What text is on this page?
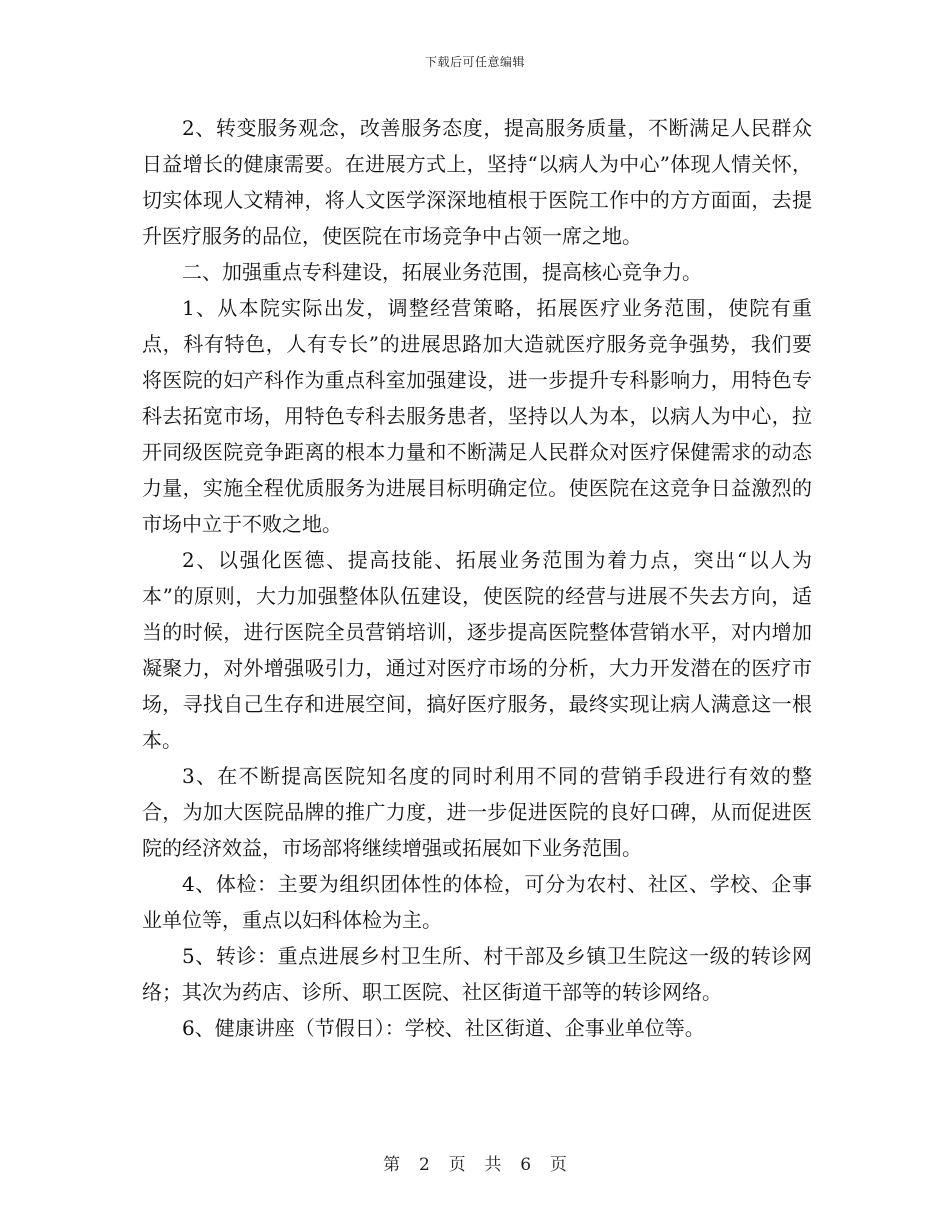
下载后可任意编辑

2、转变服务观念，改善服务态度，提高服务质量，不断满足人民群众日益增长的健康需要。在进展方式上，坚持“以病人为中心”体现人情关怀，切实体现人文精神，将人文医学深深地植根于医院工作中的方方面面，去提升医疗服务的品位，使医院在市场竞争中占领一席之地。

二、加强重点专科建设，拓展业务范围，提高核心竞争力。

1、从本院实际出发，调整经营策略，拓展医疗业务范围，使院有重点，科有特色，人有专长”的进展思路加大造就医疗服务竞争强势，我们要将医院的妇产科作为重点科室加强建设，进一步提升专科影响力，用特色专科去拓宽市场，用特色专科去服务患者，坚持以人为本，以病人为中心，拉开同级医院竞争距离的根本力量和不断满足人民群众对医疗保健需求的动态力量，实施全程优质服务为进展目标明确定位。使医院在这竞争日益激烈的市场中立于不败之地。

2、以强化医德、提高技能、拓展业务范围为着力点，突出“以人为本”的原则，大力加强整体队伍建设，使医院的经营与进展不失去方向，适当的时候，进行医院全员营销培训，逐步提高医院整体营销水平，对内增加凝聚力，对外增强吸引力，通过对医疗市场的分析，大力开发潜在的医疗市场，寻找自己生存和进展空间，搞好医疗服务，最终实现让病人满意这一根本。

3、在不断提高医院知名度的同时利用不同的营销手段进行有效的整合，为加大医院品牌的推广力度，进一步促进医院的良好口碑，从而促进医院的经济效益，市场部将继续增强或拓展如下业务范围。

4、体检：主要为组织团体性的体检，可分为农村、社区、学校、企事业单位等，重点以妇科体检为主。

5、转诊：重点进展乡村卫生所、村干部及乡镇卫生院这一级的转诊网络；其次为药店、诊所、职工医院、社区街道干部等的转诊网络。

6、健康讲座（节假日）：学校、社区街道、企事业单位等。

第 2 页 共 6 页
